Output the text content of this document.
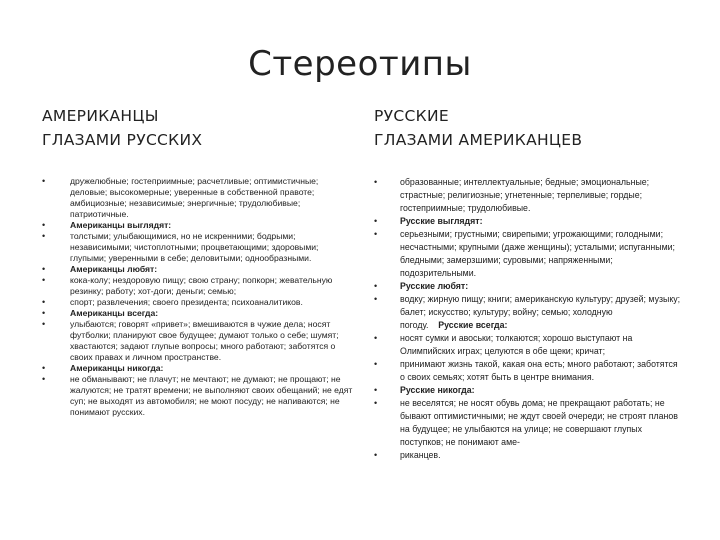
Стереотипы
АМЕРИКАНЦЫ
ГЛАЗАМИ РУССКИХ
•	дружелюбные; гостеприимные; расчетливые; оптимистичные; деловые; высокомерные; уверенные в собственной правоте; амбициозные; независимые; энергичные; трудолюбивые; патриотичные.
•	Американцы выглядят:
•	толстыми; улыбающимися, но не искренними; бодрыми; независимыми; чистоплотными; процветающими; здоровыми; глупыми; уверенными в себе; деловитыми; однообразными.
•	Американцы любят:
•	кока-колу; нездоровую пищу; свою страну; попкорн; жевательную резинку; работу; хот-доги; деньги; семью;
•	спорт; развлечения; своего президента; психоаналитиков.
•	Американцы всегда:
•	улыбаются; говорят «привет»; вмешиваются в чужие дела; носят футболки; планируют свое будущее; думают только о себе; шумят; хвастаются; задают глупые вопросы; много работают; заботятся о своих правах и личном пространстве.
•	Американцы никогда:
•	не обманывают; не плачут; не мечтают; не думают; не прощают; не жалуются; не тратят времени; не выполняют своих обещаний; не едят суп; не выходят из автомобиля; не моют посуду; не напиваются; не понимают русских.
РУССКИЕ
ГЛАЗАМИ АМЕРИКАНЦЕВ
•	образованные; интеллектуальные; бедные; эмоциональные; страстные; религиозные; угнетенные; терпеливые; гордые; гостеприимные; трудолюбивые.
•	Русские выглядят:
•	серьезными; грустными; свирепыми; угрожающими; голодными; несчастными; крупными (даже женщины); усталыми; испуганными; бледными; замерзшими; суровыми; напряженными; подозрительными.
•	Русские любят:
•	водку; жирную пищу; книги; американскую культуру; друзей; музыку; балет; искусство; культуру; войну; семью; холодную погоду. Русские всегда:
•	носят сумки и авоськи; толкаются; хорошо выступают на Олимпийских играх; целуются в обе щеки; кричат;
•	принимают жизнь такой, какая она есть; много работают; заботятся о своих семьях; хотят быть в центре внимания.
•	Русские никогда:
•	не веселятся; не носят обувь дома; не прекращают работать; не бывают оптимистичными; не ждут своей очереди; не строят планов на будущее; не улыбаются на улице; не совершают глупых поступков; не понимают аме-
•	риканцев.
